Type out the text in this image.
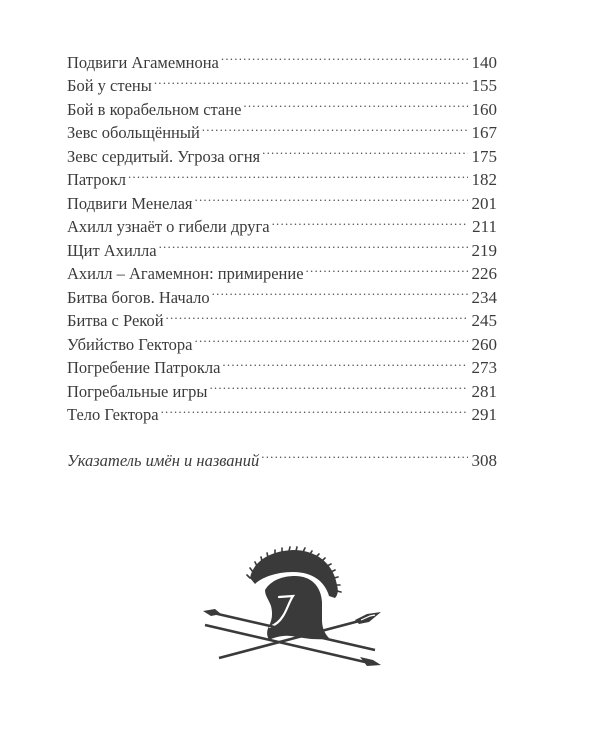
Подвиги Агамемнона .....	140
Бой у стены .....	155
Бой в корабельном стане .....	160
Зевс обольщённый .....	167
Зевс сердитый. Угроза огня .....	175
Патрокл .....	182
Подвиги Менелая .....	201
Ахилл узнаёт о гибели друга .....	211
Щит Ахилла .....	219
Ахилл – Агамемнон: примирение .....	226
Битва богов. Начало .....	234
Битва с Рекой .....	245
Убийство Гектора .....	260
Погребение Патрокла .....	273
Погребальные игры .....	281
Тело Гектора .....	291
Указатель имён и названий .....	308
